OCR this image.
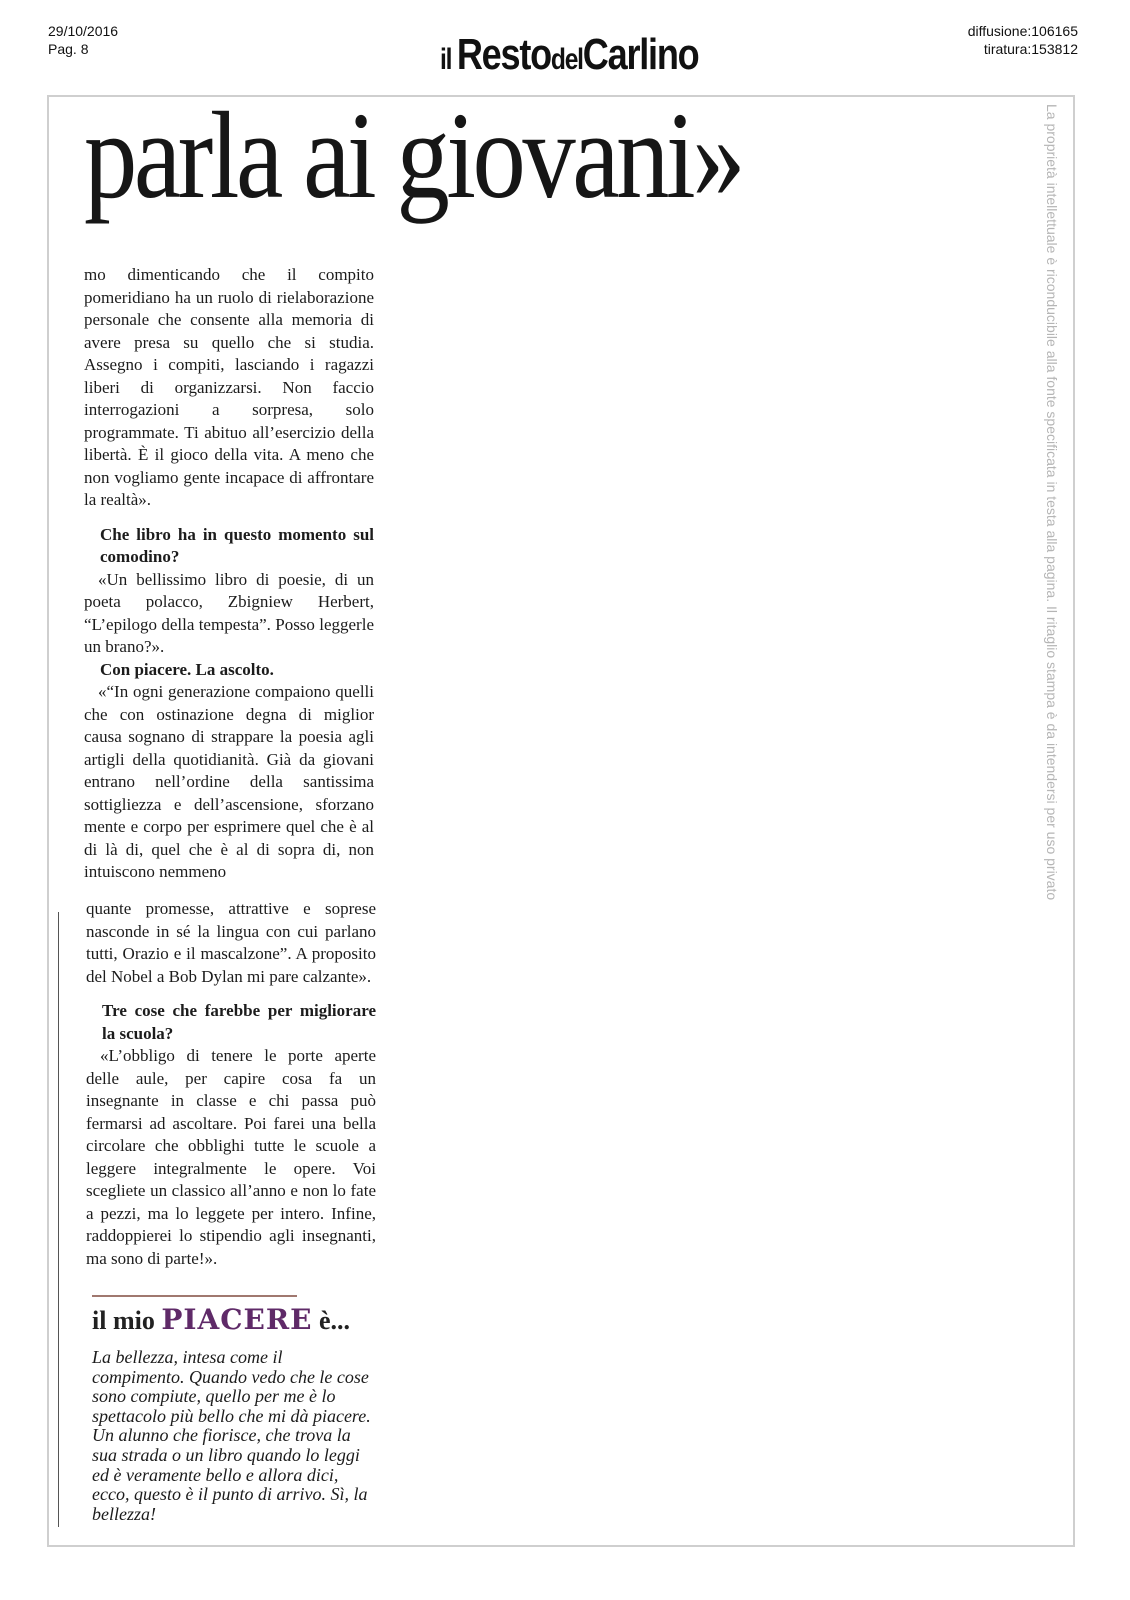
29/10/2016
Pag. 8	il RestodelCarlino	diffusione:106165
tiratura:153812
parla ai giovani»

mo dimenticando che il compito pomeridiano ha un ruolo di rielaborazione personale che consente alla memoria di avere presa su quello che si studia. Assegno i compiti, lasciando i ragazzi liberi di organizzarsi. Non faccio interrogazioni a sorpresa, solo programmate. Ti abituo all’esercizio della libertà. È il gioco della vita. A meno che non vogliamo gente incapace di affrontare la realtà».

Che libro ha in questo momento sul comodino?

«Un bellissimo libro di poesie, di un poeta polacco, Zbigniew Herbert, “L’epilogo della tempesta”. Posso leggerle un brano?».

Con piacere. La ascolto.

«“In ogni generazione compaiono quelli che con ostinazione degna di miglior causa sognano di strappare la poesia agli artigli della quotidianità. Già da giovani entrano nell’ordine della santissima sottigliezza e dell’ascensione, sforzano mente e corpo per esprimere quel che è al di là di, quel che è al di sopra di, non intuiscono nemmeno

quante promesse, attrattive e soprese nasconde in sé la lingua con cui parlano tutti, Orazio e il mascalzone”. A proposito del Nobel a Bob Dylan mi pare calzante».

Tre cose che farebbe per migliorare la scuola?

«L’obbligo di tenere le porte aperte delle aule, per capire cosa fa un insegnante in classe e chi passa può fermarsi ad ascoltare. Poi farei una bella circolare che obblighi tutte le scuole a leggere integralmente le opere. Voi scegliete un classico all’anno e non lo fate a pezzi, ma lo leggete per intero. Infine, raddoppierei lo stipendio agli insegnanti, ma sono di parte!».

il mio PIACERE è...
La bellezza, intesa come il compimento. Quando vedo che le cose sono compiute, quello per me è lo spettacolo più bello che mi dà piacere. Un alunno che fiorisce, che trova la sua strada o un libro quando lo leggi ed è veramente bello e allora dici, ecco, questo è il punto di arrivo. Sì, la bellezza!
La proprietà intellettuale è riconducibile alla fonte specificata in testa alla pagina. Il ritaglio stampa è da intendersi per uso privato
